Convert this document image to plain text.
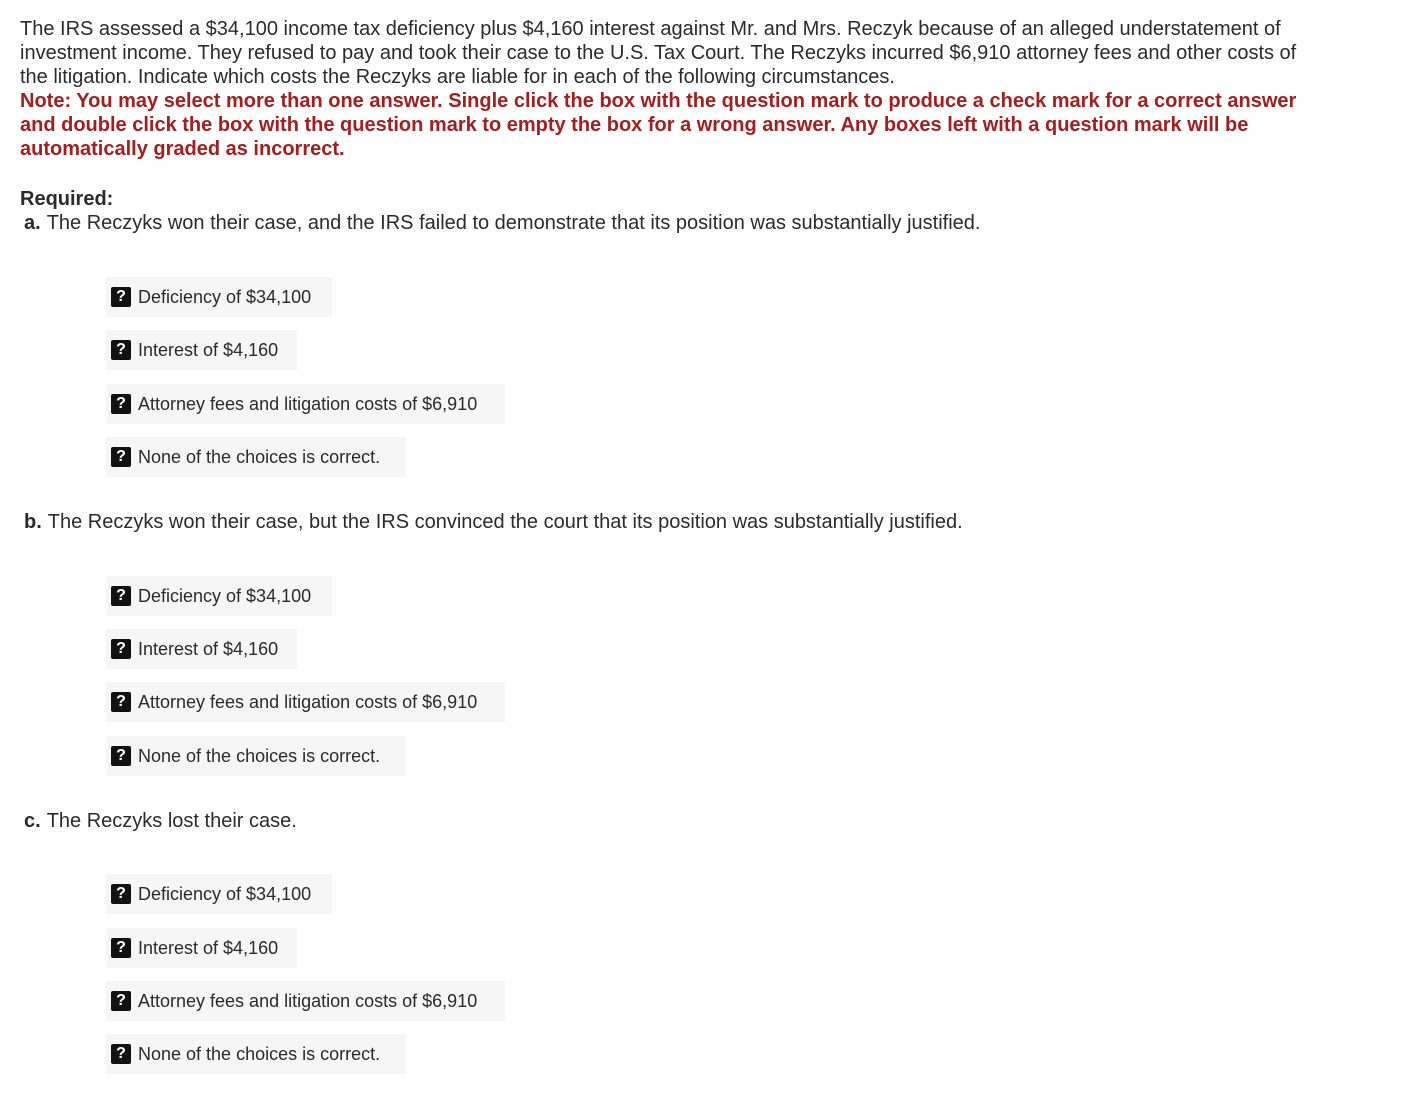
The IRS assessed a $34,100 income tax deficiency plus $4,160 interest against Mr. and Mrs. Reczyk because of an alleged understatement of investment income. They refused to pay and took their case to the U.S. Tax Court. The Reczyks incurred $6,910 attorney fees and other costs of the litigation. Indicate which costs the Reczyks are liable for in each of the following circumstances.

Note: You may select more than one answer. Single click the box with the question mark to produce a check mark for a correct answer and double click the box with the question mark to empty the box for a wrong answer. Any boxes left with a question mark will be automatically graded as incorrect.

Required:
a. The Reczyks won their case, and the IRS failed to demonstrate that its position was substantially justified.
? Deficiency of $34,100
? Interest of $4,160
? Attorney fees and litigation costs of $6,910
? None of the choices is correct.
b. The Reczyks won their case, but the IRS convinced the court that its position was substantially justified.
? Deficiency of $34,100
? Interest of $4,160
? Attorney fees and litigation costs of $6,910
? None of the choices is correct.
c. The Reczyks lost their case.
? Deficiency of $34,100
? Interest of $4,160
? Attorney fees and litigation costs of $6,910
? None of the choices is correct.
